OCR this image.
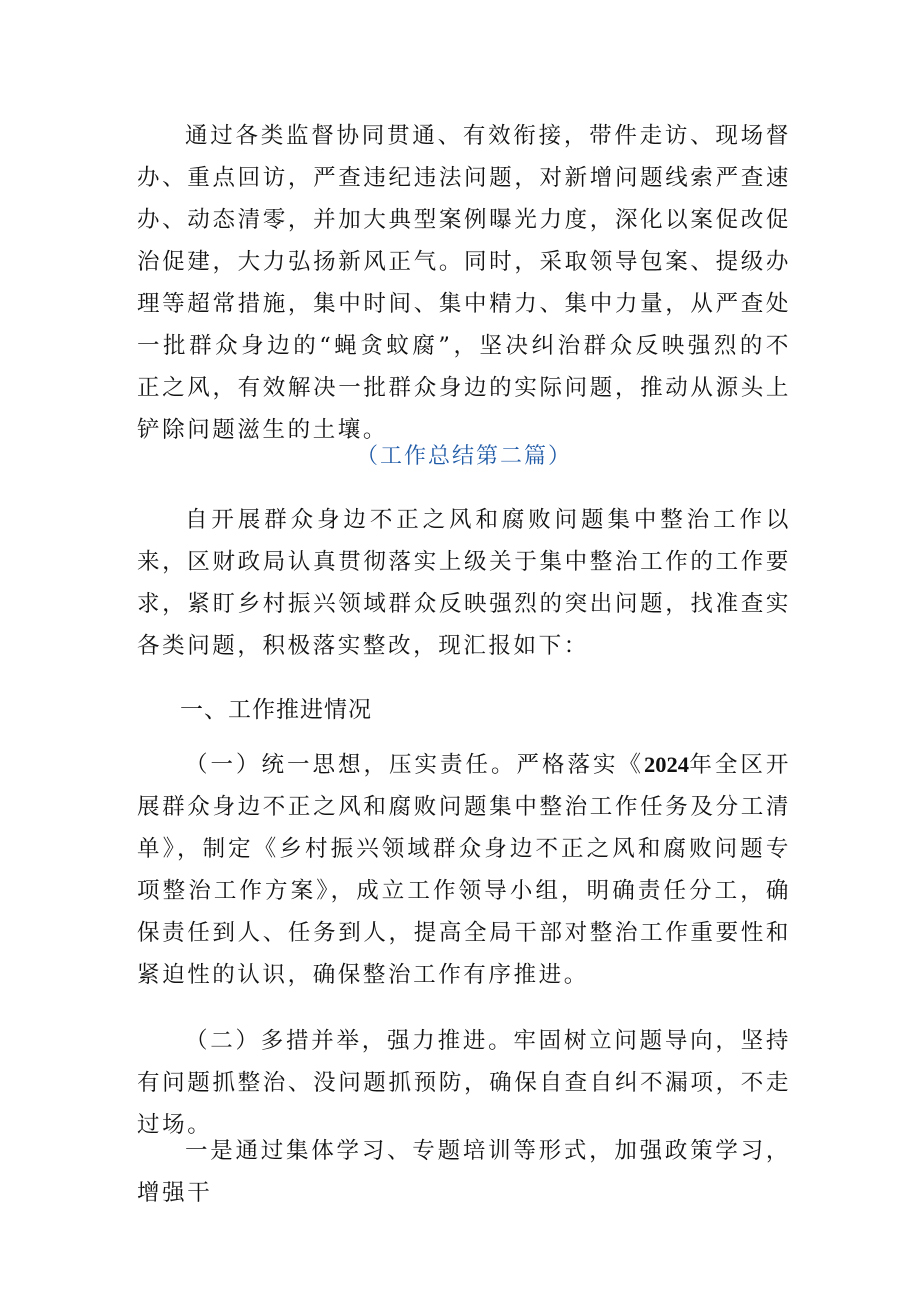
通过各类监督协同贯通、有效衔接，带件走访、现场督办、重点回访，严查违纪违法问题，对新增问题线索严查速办、动态清零，并加大典型案例曝光力度，深化以案促改促治促建，大力弘扬新风正气。同时，采取领导包案、提级办理等超常措施，集中时间、集中精力、集中力量，从严查处一批群众身边的“蝇贪蚊腐”，坚决纠治群众反映强烈的不正之风，有效解决一批群众身边的实际问题，推动从源头上铲除问题滋生的土壤。

（工作总结第二篇）

自开展群众身边不正之风和腐败问题集中整治工作以来，区财政局认真贯彻落实上级关于集中整治工作的工作要求，紧盯乡村振兴领域群众反映强烈的突出问题，找准查实各类问题，积极落实整改，现汇报如下：

一、工作推进情况

（一）统一思想，压实责任。严格落实《2024年全区开展群众身边不正之风和腐败问题集中整治工作任务及分工清单》，制定《乡村振兴领域群众身边不正之风和腐败问题专项整治工作方案》，成立工作领导小组，明确责任分工，确保责任到人、任务到人，提高全局干部对整治工作重要性和紧迫性的认识，确保整治工作有序推进。

（二）多措并举，强力推进。牢固树立问题导向，坚持有问题抓整治、没问题抓预防，确保自查自纠不漏项，不走过场。

一是通过集体学习、专题培训等形式，加强政策学习，增强干
